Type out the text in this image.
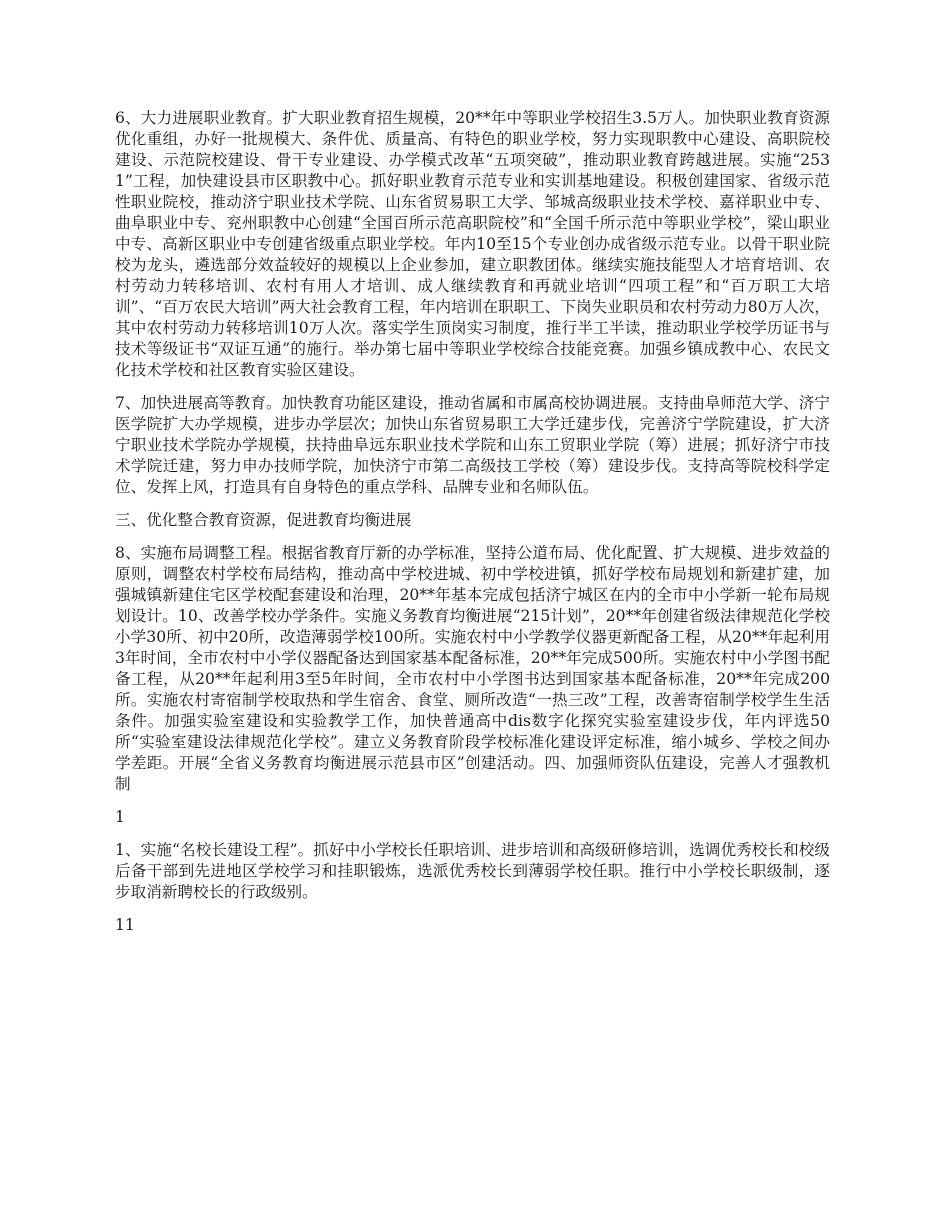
6、大力进展职业教育。扩大职业教育招生规模，20**年中等职业学校招生3.5万人。加快职业教育资源优化重组，办好一批规模大、条件优、质量高、有特色的职业学校，努力实现职教中心建设、高职院校建设、示范院校建设、骨干专业建设、办学模式改革“五项突破”，推动职业教育跨越进展。实施“2531”工程，加快建设县市区职教中心。抓好职业教育示范专业和实训基地建设。积极创建国家、省级示范性职业院校，推动济宁职业技术学院、山东省贸易职工大学、邹城高级职业技术学校、嘉祥职业中专、曲阜职业中专、兖州职教中心创建“全国百所示范高职院校”和“全国千所示范中等职业学校”，梁山职业中专、高新区职业中专创建省级重点职业学校。年内10至15个专业创办成省级示范专业。以骨干职业院校为龙头，遴选部分效益较好的规模以上企业参加，建立职教团体。继续实施技能型人才培育培训、农村劳动力转移培训、农村有用人才培训、成人继续教育和再就业培训“四项工程”和“百万职工大培训”、“百万农民大培训”两大社会教育工程，年内培训在职职工、下岗失业职员和农村劳动力80万人次，其中农村劳动力转移培训10万人次。落实学生顶岗实习制度，推行半工半读，推动职业学校学历证书与技术等级证书“双证互通”的施行。举办第七届中等职业学校综合技能竞赛。加强乡镇成教中心、农民文化技术学校和社区教育实验区建设。

7、加快进展高等教育。加快教育功能区建设，推动省属和市属高校协调进展。支持曲阜师范大学、济宁医学院扩大办学规模，进步办学层次；加快山东省贸易职工大学迁建步伐，完善济宁学院建设，扩大济宁职业技术学院办学规模，扶持曲阜远东职业技术学院和山东工贸职业学院（筹）进展；抓好济宁市技术学院迁建，努力申办技师学院，加快济宁市第二高级技工学校（筹）建设步伐。支持高等院校科学定位、发挥上风，打造具有自身特色的重点学科、品牌专业和名师队伍。

三、优化整合教育资源，促进教育均衡进展

8、实施布局调整工程。根据省教育厅新的办学标准，坚持公道布局、优化配置、扩大规模、进步效益的原则，调整农村学校布局结构，推动高中学校进城、初中学校进镇，抓好学校布局规划和新建扩建，加强城镇新建住宅区学校配套建设和治理，20**年基本完成包括济宁城区在内的全市中小学新一轮布局规划设计。10、改善学校办学条件。实施义务教育均衡进展“215计划”，20**年创建省级法律规范化学校小学30所、初中20所，改造薄弱学校100所。实施农村中小学教学仪器更新配备工程，从20**年起利用3年时间，全市农村中小学仪器配备达到国家基本配备标准，20**年完成500所。实施农村中小学图书配备工程，从20**年起利用3至5年时间，全市农村中小学图书达到国家基本配备标准，20**年完成200所。实施农村寄宿制学校取热和学生宿舍、食堂、厕所改造“一热三改”工程，改善寄宿制学校学生生活条件。加强实验室建设和实验教学工作，加快普通高中dis数字化探究实验室建设步伐，年内评选50所“实验室建设法律规范化学校”。建立义务教育阶段学校标准化建设评定标准，缩小城乡、学校之间办学差距。开展“全省义务教育均衡进展示范县市区”创建活动。四、加强师资队伍建设，完善人才强教机制

1

1、实施“名校长建设工程”。抓好中小学校长任职培训、进步培训和高级研修培训，选调优秀校长和校级后备干部到先进地区学校学习和挂职锻炼，选派优秀校长到薄弱学校任职。推行中小学校长职级制，逐步取消新聘校长的行政级别。

11
